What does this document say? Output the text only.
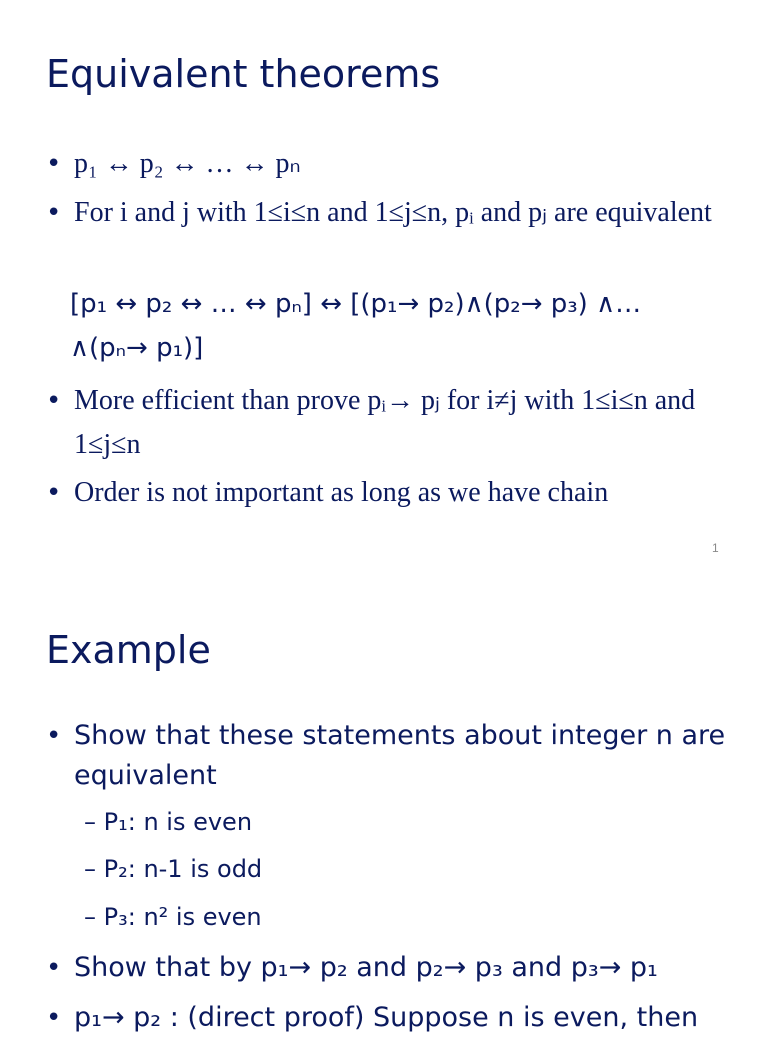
Equivalent theorems
• p₁ ↔ p₂ ↔ … ↔ pₙ
• For i and j with 1≤i≤n and 1≤j≤n, pᵢ and pⱼ are equivalent
[p₁ ↔ p₂ ↔ … ↔ pₙ] ↔ [(p₁→ p₂)∧(p₂→ p₃) ∧…
∧(pₙ→ p₁)]
• More efficient than prove pᵢ→ pⱼ for i≠j with 1≤i≤n and 1≤j≤n
• Order is not important as long as we have chain
1
Example
• Show that these statements about integer n are equivalent
– P₁: n is even
– P₂: n-1 is odd
– P₃: n² is even
• Show that by p₁→ p₂ and p₂→ p₃ and p₃→ p₁
• p₁→ p₂ : (direct proof) Suppose n is even, then
